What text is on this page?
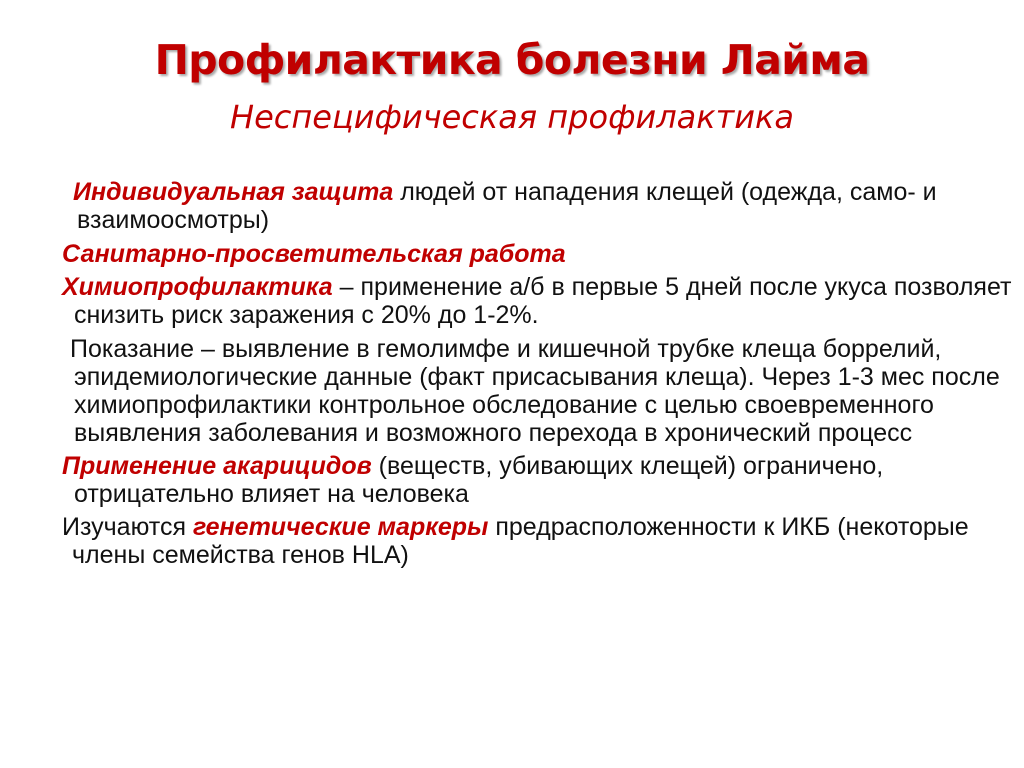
Профилактика болезни Лайма
Неспецифическая профилактика

Индивидуальная защита людей от нападения клещей (одежда, само- и взаимоосмотры)

Санитарно-просветительская работа

Химиопрофилактика – применение а/б в первые 5 дней после укуса позволяет снизить риск заражения с 20% до 1-2%.

Показание – выявление в гемолимфе и кишечной трубке клеща боррелий, эпидемиологические данные (факт присасывания клеща). Через 1-3 мес после химиопрофилактики контрольное обследование с целью своевременного выявления заболевания и возможного перехода в хронический процесс

Применение акарицидов (веществ, убивающих клещей) ограничено, отрицательно влияет на человека

Изучаются генетические маркеры предрасположенности к ИКБ (некоторые члены семейства генов HLA)
